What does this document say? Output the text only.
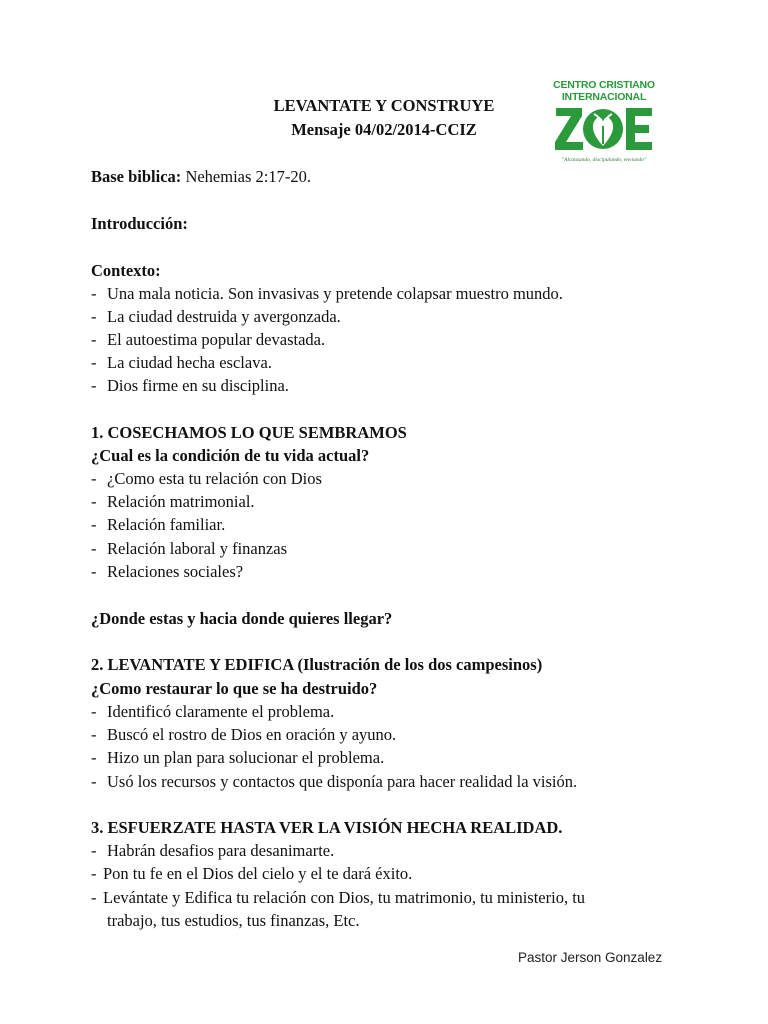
CENTRO CRISTIANO
INTERNACIONAL
"Alcanzando, discipulando, enviando"
LEVANTATE Y CONSTRUYE
Mensaje 04/02/2014-CCIZ
Base biblica: Nehemias 2:17-20.
Introducción:
Contexto:
- Una mala noticia. Son invasivas y pretende colapsar muestro mundo.
- La ciudad destruida y avergonzada.
- El autoestima popular devastada.
- La ciudad hecha esclava.
- Dios firme en su disciplina.
1. COSECHAMOS LO QUE SEMBRAMOS
¿Cual es la condición de tu vida actual?
- ¿Como esta tu relación con Dios
- Relación matrimonial.
- Relación familiar.
- Relación laboral y finanzas
- Relaciones sociales?
¿Donde estas y hacia donde quieres llegar?
2. LEVANTATE Y EDIFICA (Ilustración de los dos campesinos)
¿Como restaurar lo que se ha destruido?
- Identificó claramente el problema.
- Buscó el rostro de Dios en oración y ayuno.
- Hizo un plan para solucionar el problema.
- Usó los recursos y contactos que disponía para hacer realidad la visión.
3. ESFUERZATE HASTA VER LA VISIÓN HECHA REALIDAD.
- Habrán desafios para desanimarte.
- Pon tu fe en el Dios del cielo y el te dará éxito.
- Levántate y Edifica tu relación con Dios, tu matrimonio, tu ministerio, tu
trabajo, tus estudios, tus finanzas, Etc.
Pastor Jerson Gonzalez
